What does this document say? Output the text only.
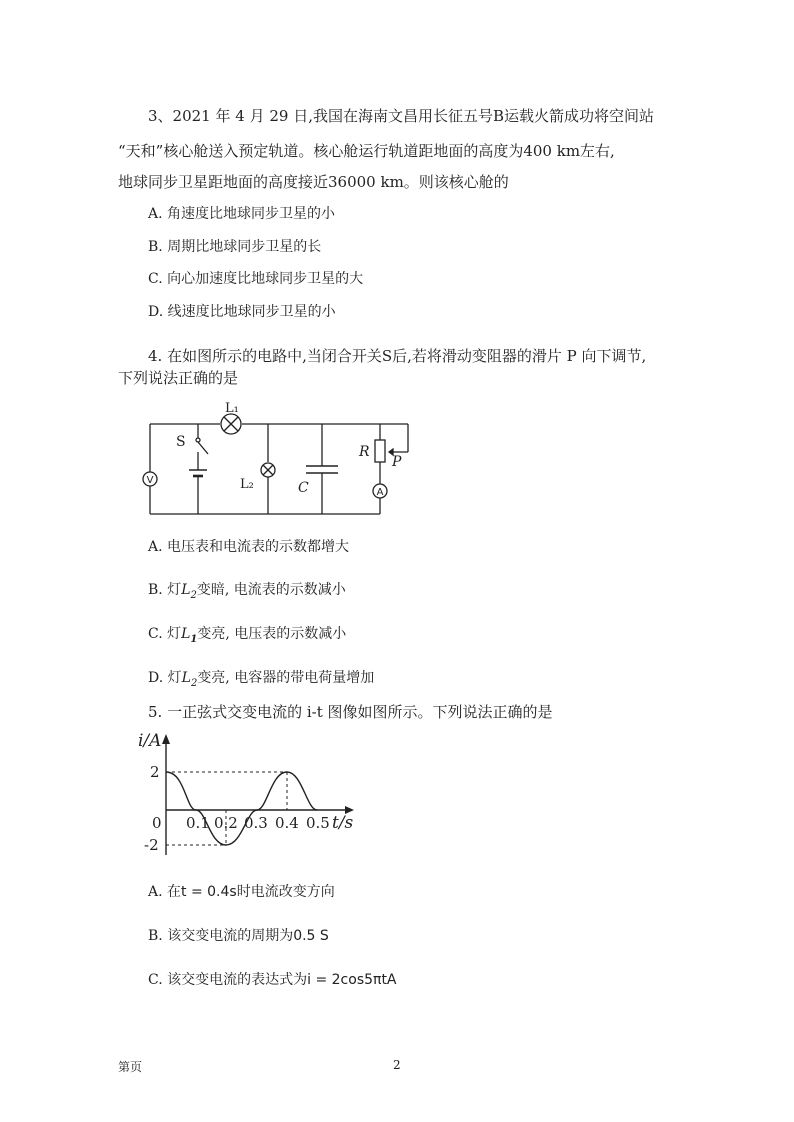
3、2021 年 4 月 29 日,我国在海南文昌用长征五号B运载火箭成功将空间站
“天和”核心舱送入预定轨道。核心舱运行轨道距地面的高度为400 km左右,
地球同步卫星距地面的高度接近36000 km。则该核心舱的
A. 角速度比地球同步卫星的小
B. 周期比地球同步卫星的长
C. 向心加速度比地球同步卫星的大
D. 线速度比地球同步卫星的小
4. 在如图所示的电路中,当闭合开关S后,若将滑动变阻器的滑片 P 向下调节,
下列说法正确的是
V
L₁
S
L₂	C	A
R
P
A. 电压表和电流表的示数都增大
B. 灯$L_2$变暗, 电流表的示数减小
C. 灯$L_1$变亮, 电压表的示数减小
D. 灯$L_2$变亮, 电容器的带电荷量增加
5. 一正弦式交变电流的 i-t 图像如图所示。下列说法正确的是
i/A
2
-2
0 0.1 0.2 0.3 0.4 0.5 t/s
A. 在t = 0.4s时电流改变方向
B. 该交变电流的周期为0.5 S
C. 该交变电流的表达式为i = 2cos5πtA
第页	2
